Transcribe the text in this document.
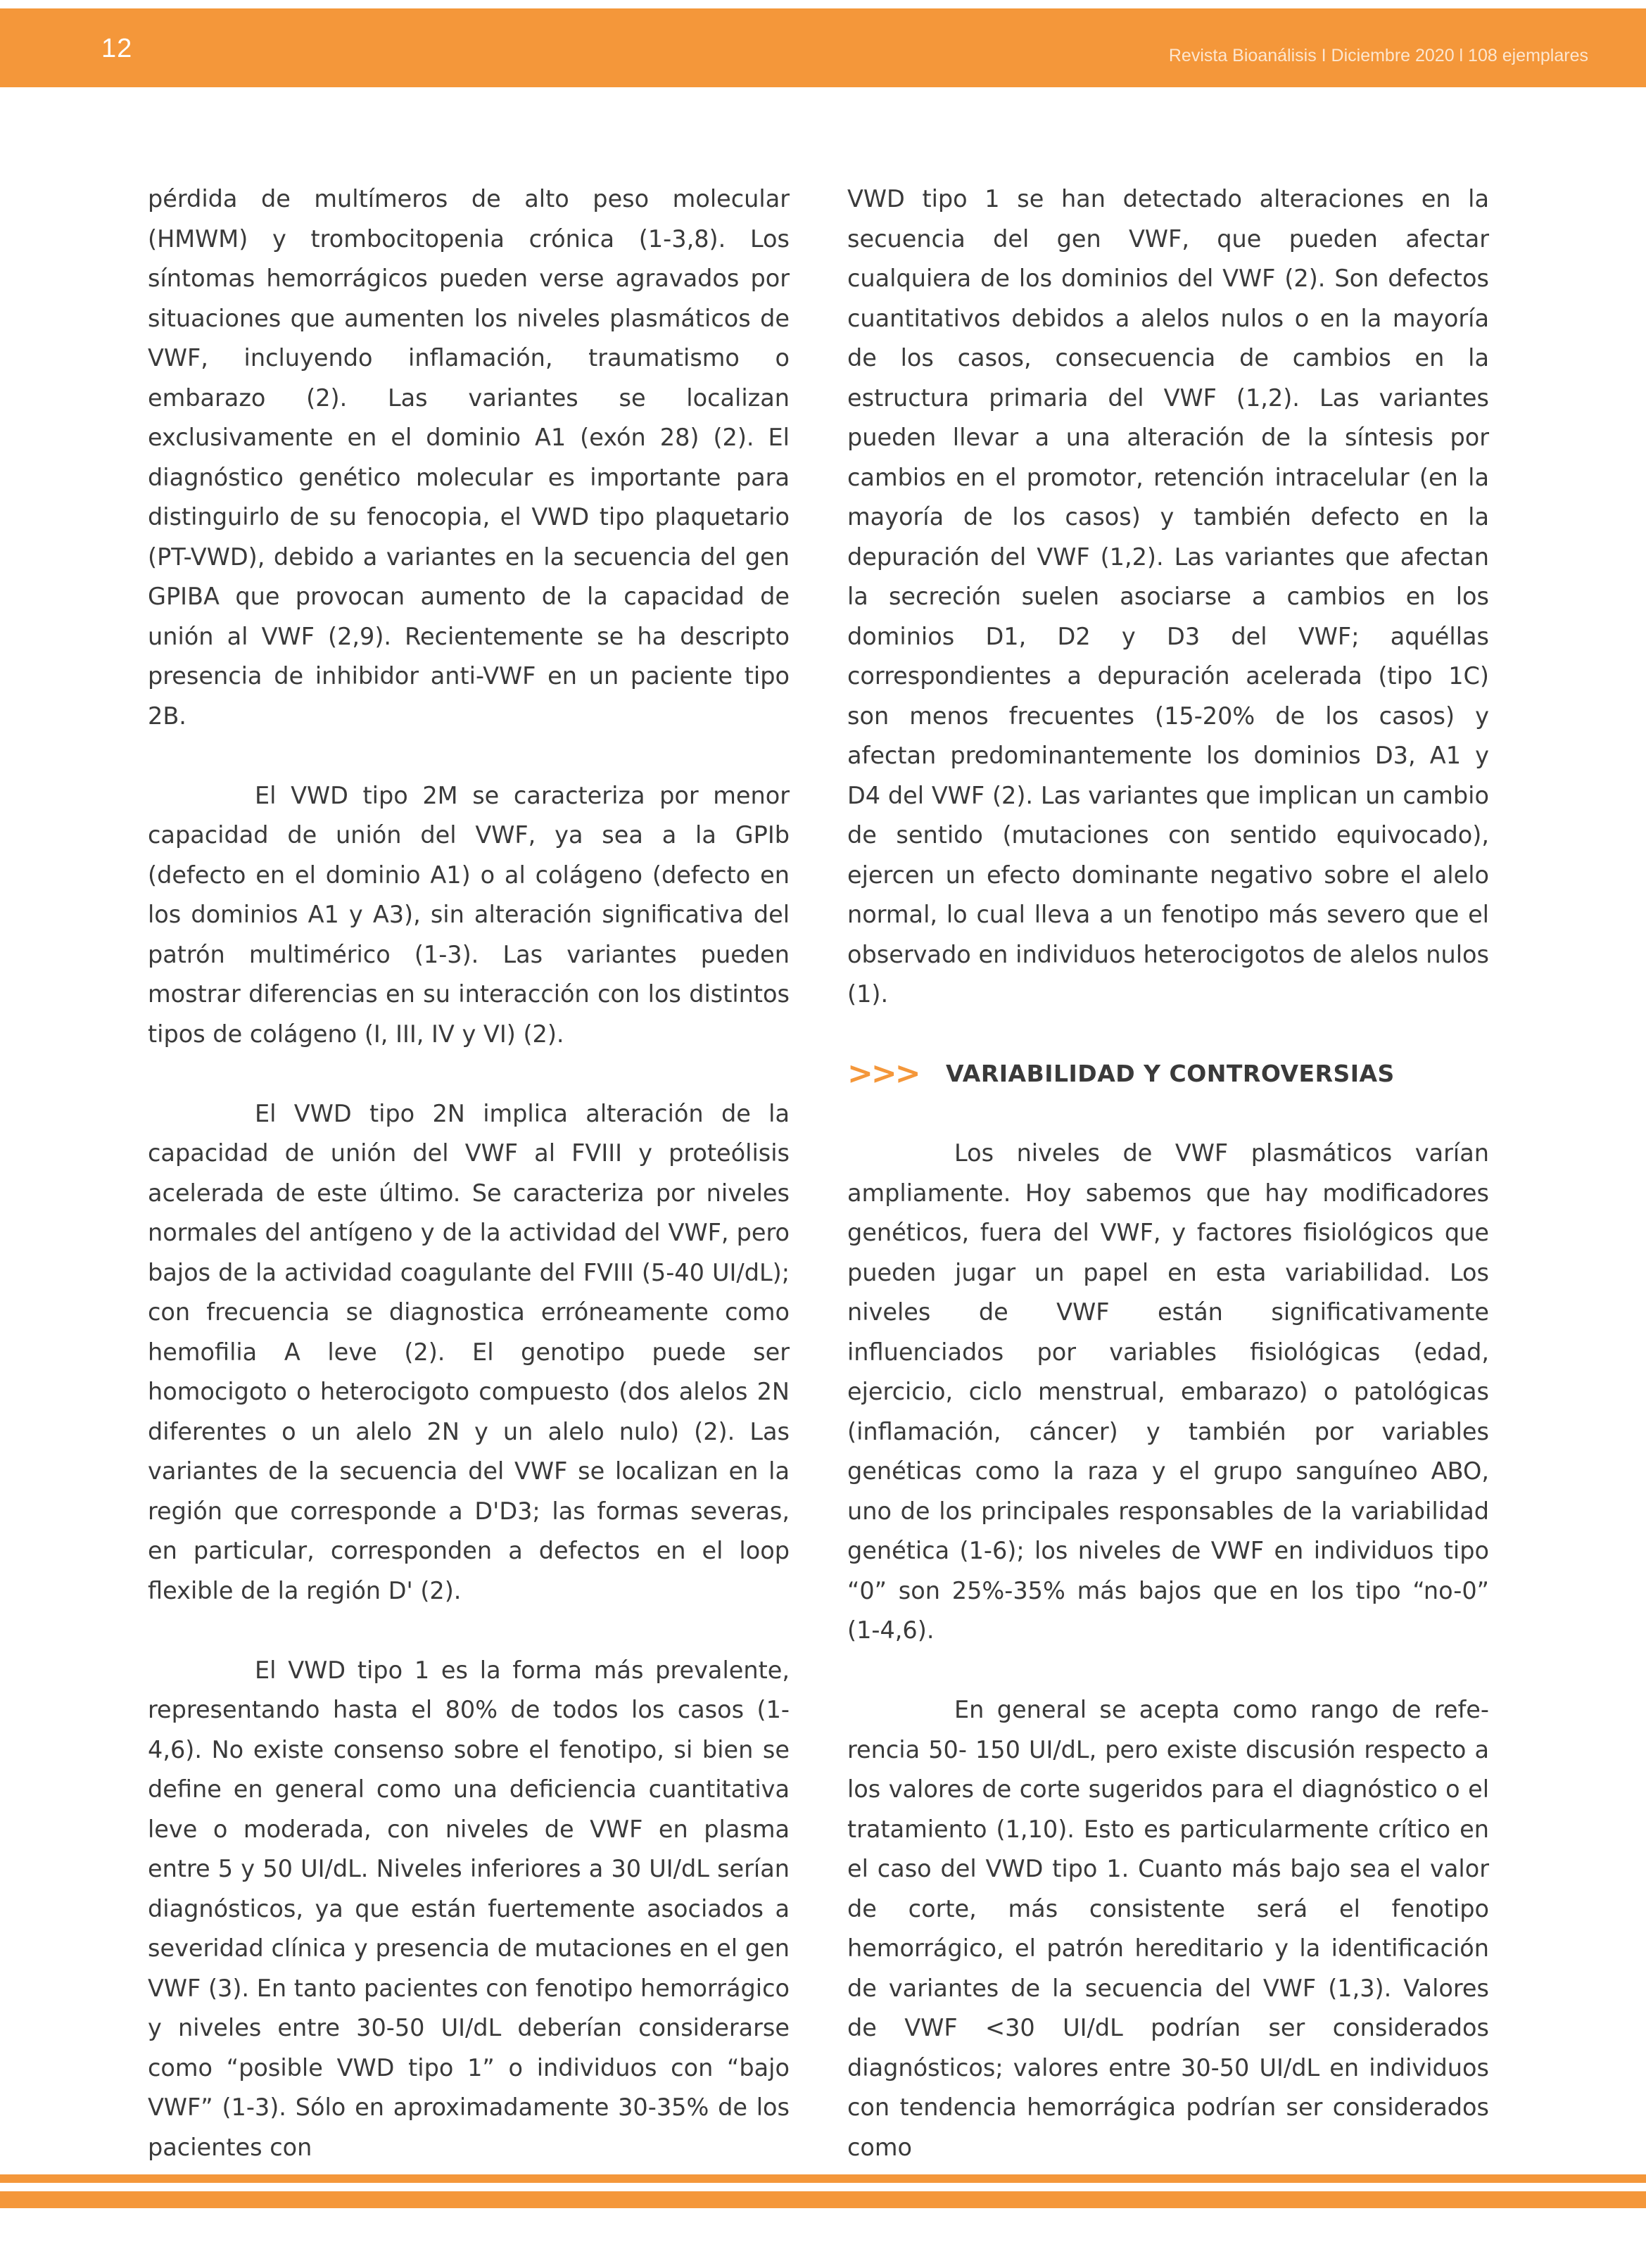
12	Revista Bioanálisis I Diciembre 2020 l 108 ejemplares

pérdida de multímeros de alto peso molecular (HMWM) y trombocitopenia crónica (1-3,8). Los síntomas hemorrágicos pueden verse agravados por situaciones que aumenten los niveles plasmáticos de VWF, incluyendo inflamación, traumatismo o embarazo (2). Las variantes se localizan exclusivamente en el dominio A1 (exón 28) (2). El diagnóstico genético molecular es importante para distinguirlo de su fenocopia, el VWD tipo plaquetario (PT-VWD), debido a variantes en la secuencia del gen GPIBA que provocan aumento de la capacidad de unión al VWF (2,9). Recientemente se ha descripto presencia de inhibidor anti-VWF en un paciente tipo 2B.

El VWD tipo 2M se caracteriza por menor capacidad de unión del VWF, ya sea a la GPIb (defecto en el dominio A1) o al colágeno (defecto en los dominios A1 y A3), sin alteración significativa del patrón multimérico (1-3). Las variantes pueden mostrar diferencias en su interacción con los distintos tipos de colágeno (I, III, IV y VI) (2).

El VWD tipo 2N implica alteración de la capacidad de unión del VWF al FVIII y proteólisis acelerada de este último. Se caracteriza por niveles normales del antígeno y de la actividad del VWF, pero bajos de la actividad coagulante del FVIII (5-40 UI/dL); con frecuencia se diagnostica erróneamente como hemofilia A leve (2). El genotipo puede ser homocigoto o heterocigoto compuesto (dos alelos 2N diferentes o un alelo 2N y un alelo nulo) (2). Las variantes de la secuencia del VWF se localizan en la región que corresponde a D'D3; las formas severas, en particular, corresponden a defectos en el loop flexible de la región D' (2).

El VWD tipo 1 es la forma más prevalente, representando hasta el 80% de todos los casos (1-4,6). No existe consenso sobre el fenotipo, si bien se define en general como una deficiencia cuantitativa leve o moderada, con niveles de VWF en plasma entre 5 y 50 UI/dL. Niveles inferiores a 30 UI/dL serían diagnósticos, ya que están fuertemente asociados a severidad clínica y presencia de mutaciones en el gen VWF (3). En tanto pacientes con fenotipo hemorrágico y niveles entre 30-50 UI/dL deberían considerarse como “posible VWD tipo 1” o individuos con “bajo VWF” (1-3). Sólo en aproximadamente 30-35% de los pacientes con

VWD tipo 1 se han detectado alteraciones en la secuencia del gen VWF, que pueden afectar cualquiera de los dominios del VWF (2). Son defectos cuantitativos debidos a alelos nulos o en la mayoría de los casos, consecuencia de cambios en la estructura primaria del VWF (1,2). Las variantes pueden llevar a una alteración de la síntesis por cambios en el promotor, retención intracelular (en la mayoría de los casos) y también defecto en la depuración del VWF (1,2). Las variantes que afectan la secreción suelen asociarse a cambios en los dominios D1, D2 y D3 del VWF; aquéllas correspondientes a depuración acelerada (tipo 1C) son menos frecuentes (15-20% de los casos) y afectan predominantemente los dominios D3, A1 y D4 del VWF (2). Las variantes que implican un cambio de sentido (mutaciones con sentido equivocado), ejercen un efecto dominante negativo sobre el alelo normal, lo cual lleva a un fenotipo más severo que el observado en individuos heterocigotos de alelos nulos (1).

>>>	VARIABILIDAD Y CONTROVERSIAS

Los niveles de VWF plasmáticos varían ampliamente. Hoy sabemos que hay modificadores genéticos, fuera del VWF, y factores fisiológicos que pueden jugar un papel en esta variabilidad. Los niveles de VWF están significativamente influenciados por variables fisiológicas (edad, ejercicio, ciclo menstrual, embarazo) o patológicas (inflamación, cáncer) y también por variables genéticas como la raza y el grupo sanguíneo ABO, uno de los principales responsables de la variabilidad genética (1-6); los niveles de VWF en individuos tipo “0” son 25%-35% más bajos que en los tipo “no-0” (1-4,6).

En general se acepta como rango de referencia 50- 150 UI/dL, pero existe discusión respecto a los valores de corte sugeridos para el diagnóstico o el tratamiento (1,10). Esto es particularmente crítico en el caso del VWD tipo 1. Cuanto más bajo sea el valor de corte, más consistente será el fenotipo hemorrágico, el patrón hereditario y la identificación de variantes de la secuencia del VWF (1,3). Valores de VWF <30 UI/dL podrían ser considerados diagnósticos; valores entre 30-50 UI/dL en individuos con tendencia hemorrágica podrían ser considerados como
